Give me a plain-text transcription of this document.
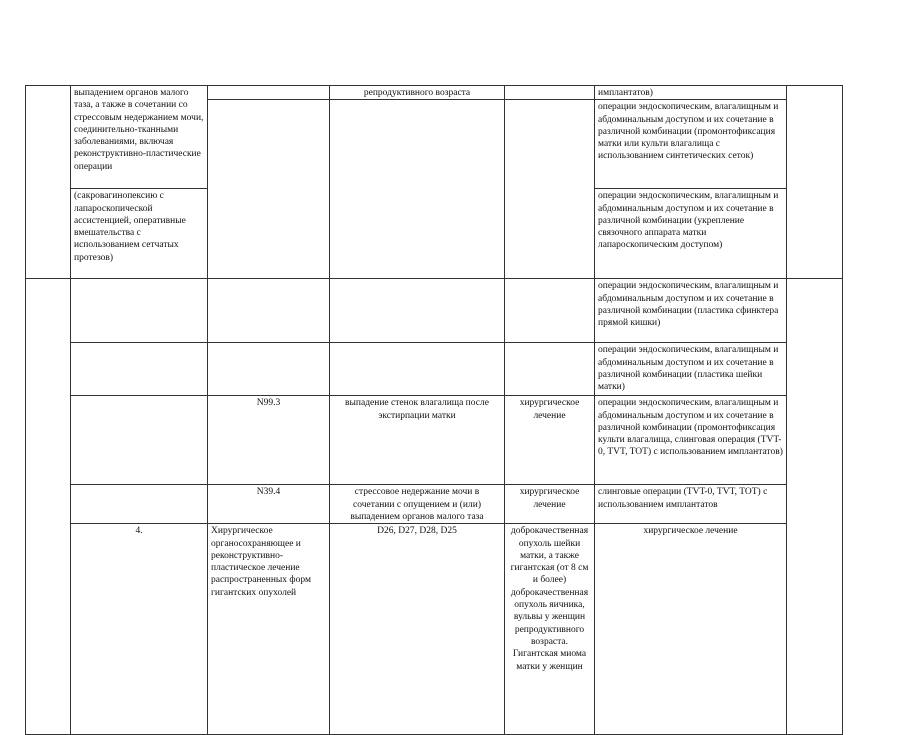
	выпадением органов малого таза, а также в сочетании со стрессовым недержанием мочи, соединительно-тканными заболеваниями, включая реконструктивно-пластические операции		репродуктивного возраста		имплантатов)		
					операции эндоскопическим, влагалищным и абдоминальным доступом и их сочетание в различной комбинации (промонтофиксация матки или культи влагалища с использованием синтетических сеток)		
	(сакровагинопексию с лапароскопической ассистенцией, оперативные вмешательства с использованием сетчатых протезов)				операции эндоскопическим, влагалищным и абдоминальным доступом и их сочетание в различной комбинации (укрепление связочного аппарата матки лапароскопическим доступом)		
					операции эндоскопическим, влагалищным и абдоминальным доступом и их сочетание в различной комбинации (пластика сфинктера прямой кишки)		
					операции эндоскопическим, влагалищным и абдоминальным доступом и их сочетание в различной комбинации (пластика шейки матки)		
		N99.3	выпадение стенок влагалища после экстирпации матки	хирургическое лечение	операции эндоскопическим, влагалищным и абдоминальным доступом и их сочетание в различной комбинации (промонтофиксация культи влагалища, слинговая операция (TVT-0, TVT, TOT) с использованием имплантатов)		
		N39.4	стрессовое недержание мочи в сочетании с опущением и (или) выпадением органов малого таза	хирургическое лечение	слинговые операции (TVT-0, TVT, TOT) с использованием имплантатов		
	4.	Хирургическое органосохраняющее и реконструктивно-пластическое лечение распространенных форм гигантских опухолей	D26, D27, D28, D25	доброкачественная опухоль шейки матки, а также гигантская (от 8 см и более) доброкачественная опухоль яичника, вульвы у женщин репродуктивного возраста. Гигантская миома матки у женщин	хирургическое лечение		
